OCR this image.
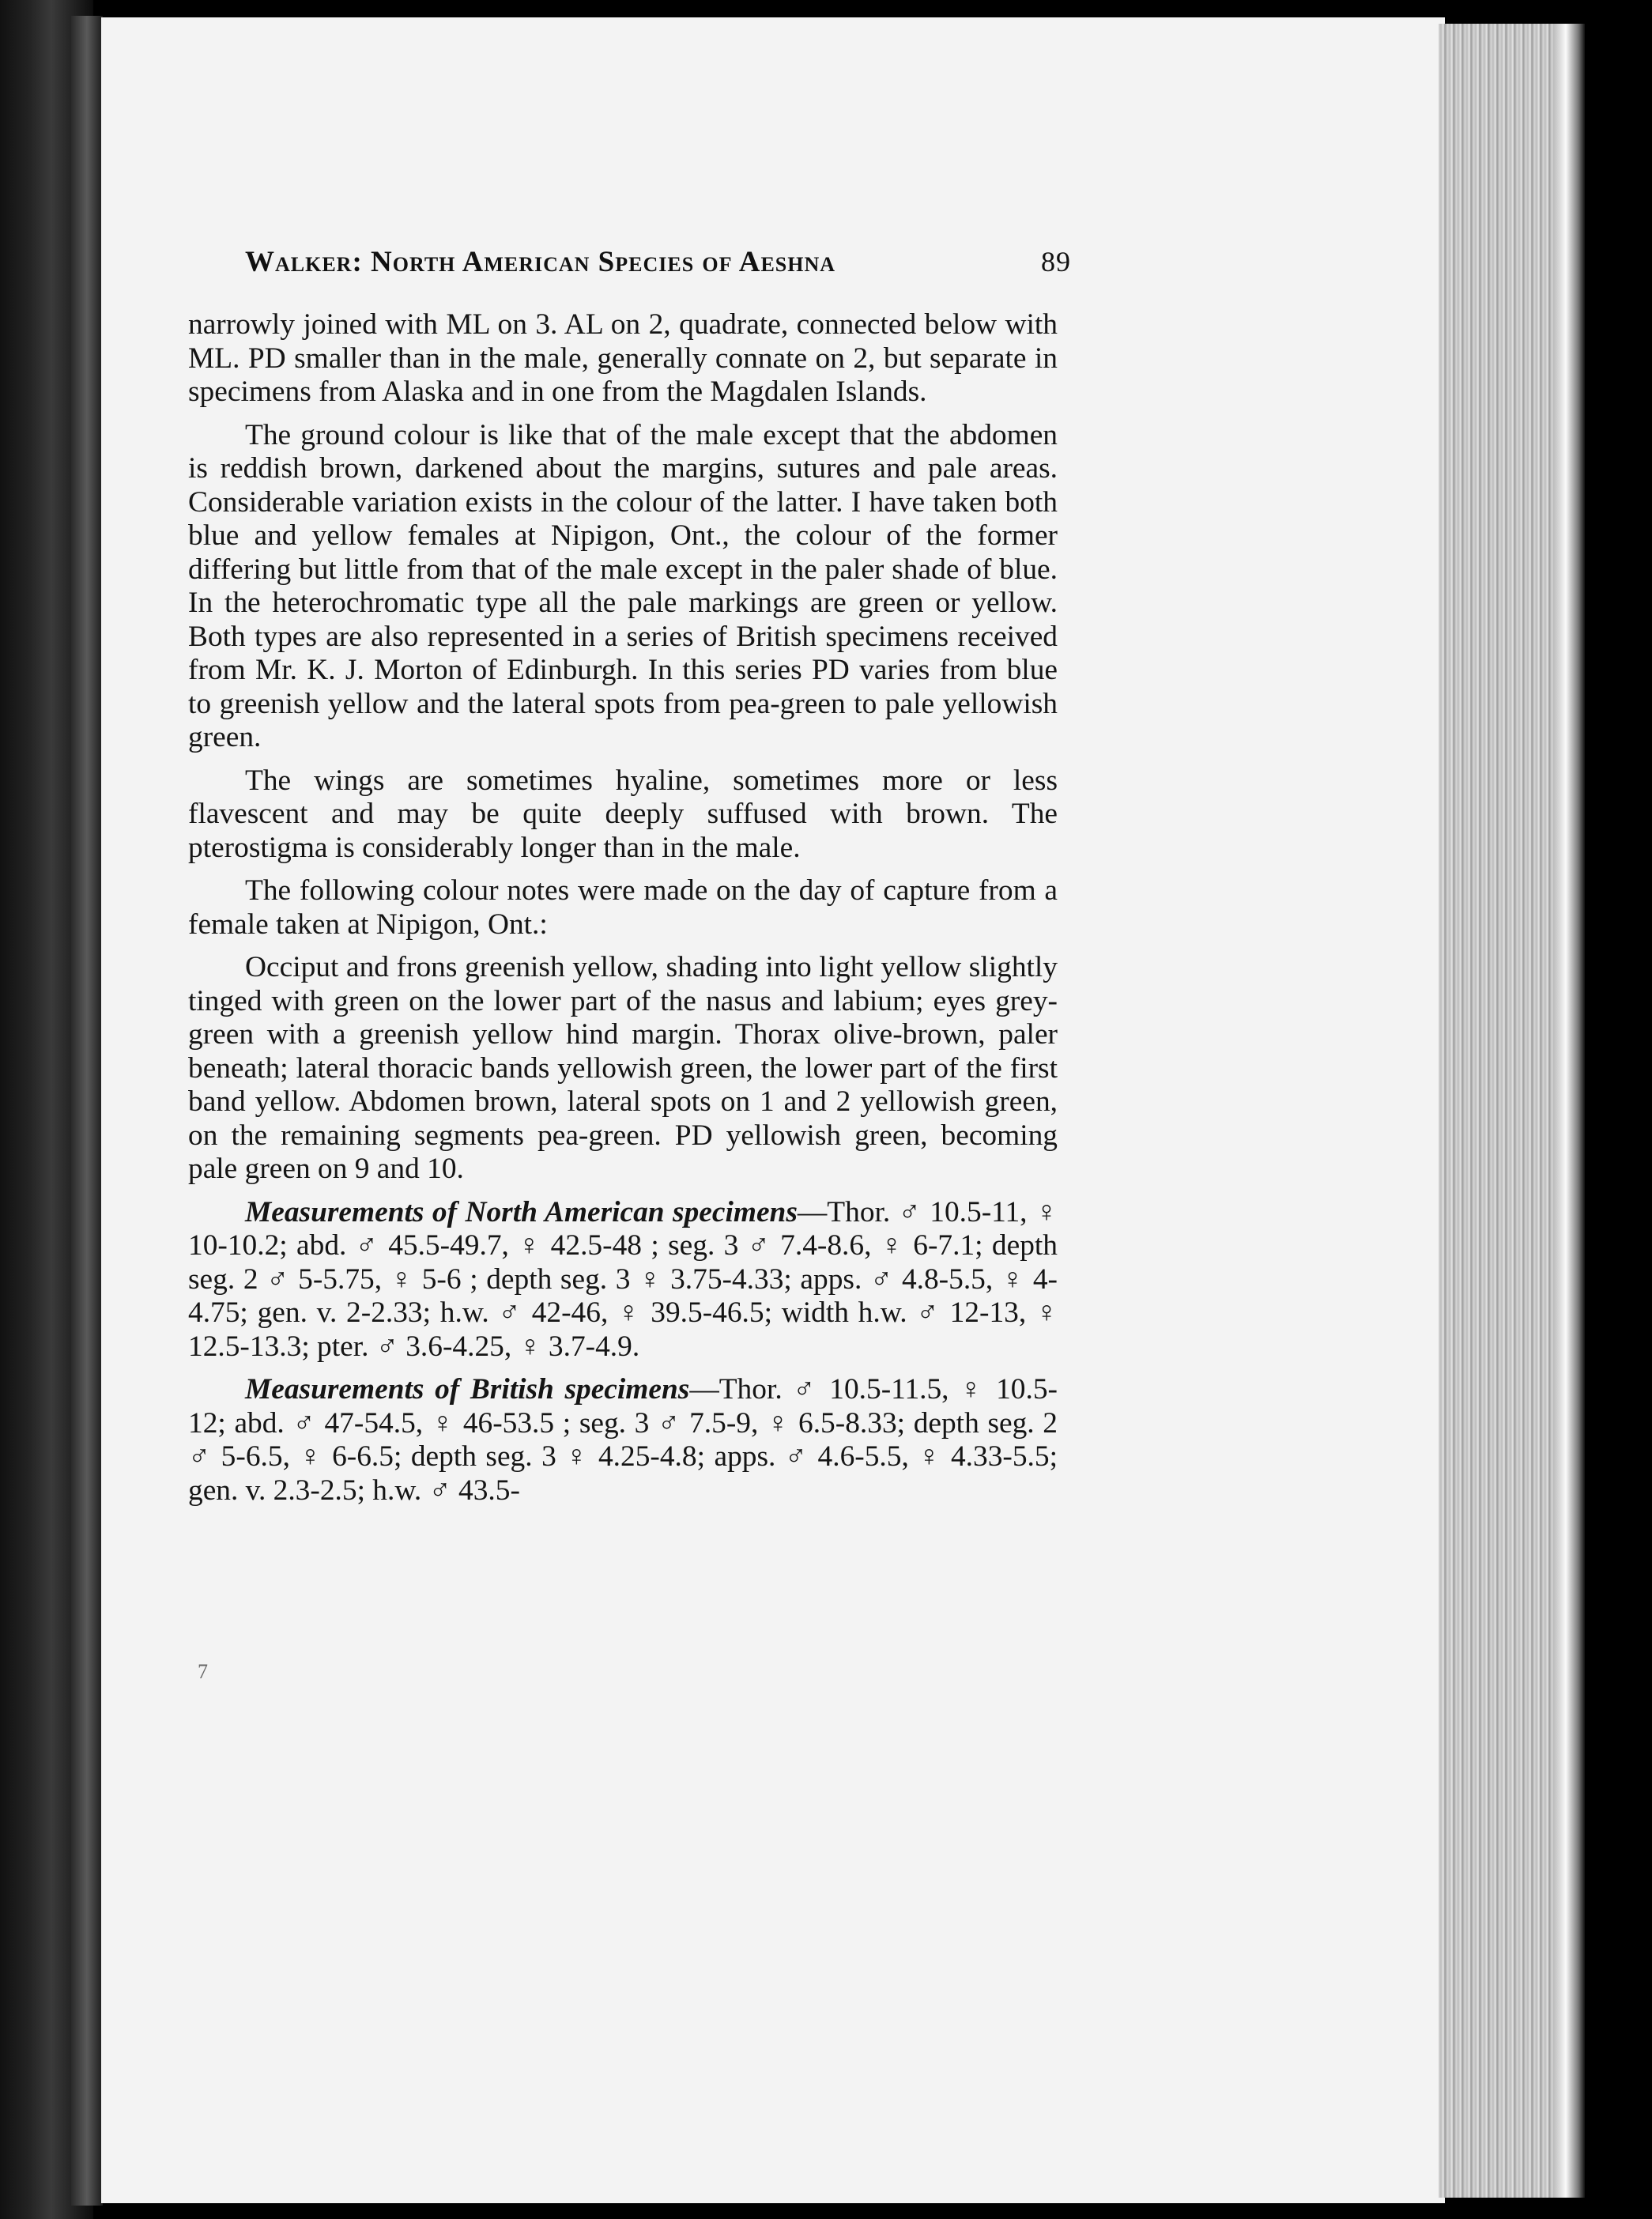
Walker: North American Species of Aeshna	89

narrowly joined with ML on 3. AL on 2, quadrate, connected below with ML. PD smaller than in the male, generally connate on 2, but separate in specimens from Alaska and in one from the Magdalen Islands.

The ground colour is like that of the male except that the abdomen is reddish brown, darkened about the margins, sutures and pale areas. Considerable variation exists in the colour of the latter. I have taken both blue and yellow females at Nipigon, Ont., the colour of the former differing but little from that of the male except in the paler shade of blue. In the heterochromatic type all the pale markings are green or yellow. Both types are also represented in a series of British specimens received from Mr. K. J. Morton of Edinburgh. In this series PD varies from blue to greenish yellow and the lateral spots from pea-green to pale yellowish green.

The wings are sometimes hyaline, sometimes more or less flavescent and may be quite deeply suffused with brown. The pterostigma is considerably longer than in the male.

The following colour notes were made on the day of capture from a female taken at Nipigon, Ont.:

Occiput and frons greenish yellow, shading into light yellow slightly tinged with green on the lower part of the nasus and labium; eyes grey-green with a greenish yellow hind margin. Thorax olive-brown, paler beneath; lateral thoracic bands yellowish green, the lower part of the first band yellow. Abdomen brown, lateral spots on 1 and 2 yellowish green, on the remaining segments pea-green. PD yellowish green, becoming pale green on 9 and 10.

Measurements of North American specimens—Thor. ♂ 10.5-11, ♀ 10-10.2; abd. ♂ 45.5-49.7, ♀ 42.5-48 ; seg. 3 ♂ 7.4-8.6, ♀ 6-7.1; depth seg. 2 ♂ 5-5.75, ♀ 5-6 ; depth seg. 3 ♀ 3.75-4.33; apps. ♂ 4.8-5.5, ♀ 4-4.75; gen. v. 2-2.33; h.w. ♂ 42-46, ♀ 39.5-46.5; width h.w. ♂ 12-13, ♀ 12.5-13.3; pter. ♂ 3.6-4.25, ♀ 3.7-4.9.

Measurements of British specimens—Thor. ♂ 10.5-11.5, ♀ 10.5-12; abd. ♂ 47-54.5, ♀ 46-53.5 ; seg. 3 ♂ 7.5-9, ♀ 6.5-8.33; depth seg. 2 ♂ 5-6.5, ♀ 6-6.5; depth seg. 3 ♀ 4.25-4.8; apps. ♂ 4.6-5.5, ♀ 4.33-5.5; gen. v. 2.3-2.5; h.w. ♂ 43.5-

7
